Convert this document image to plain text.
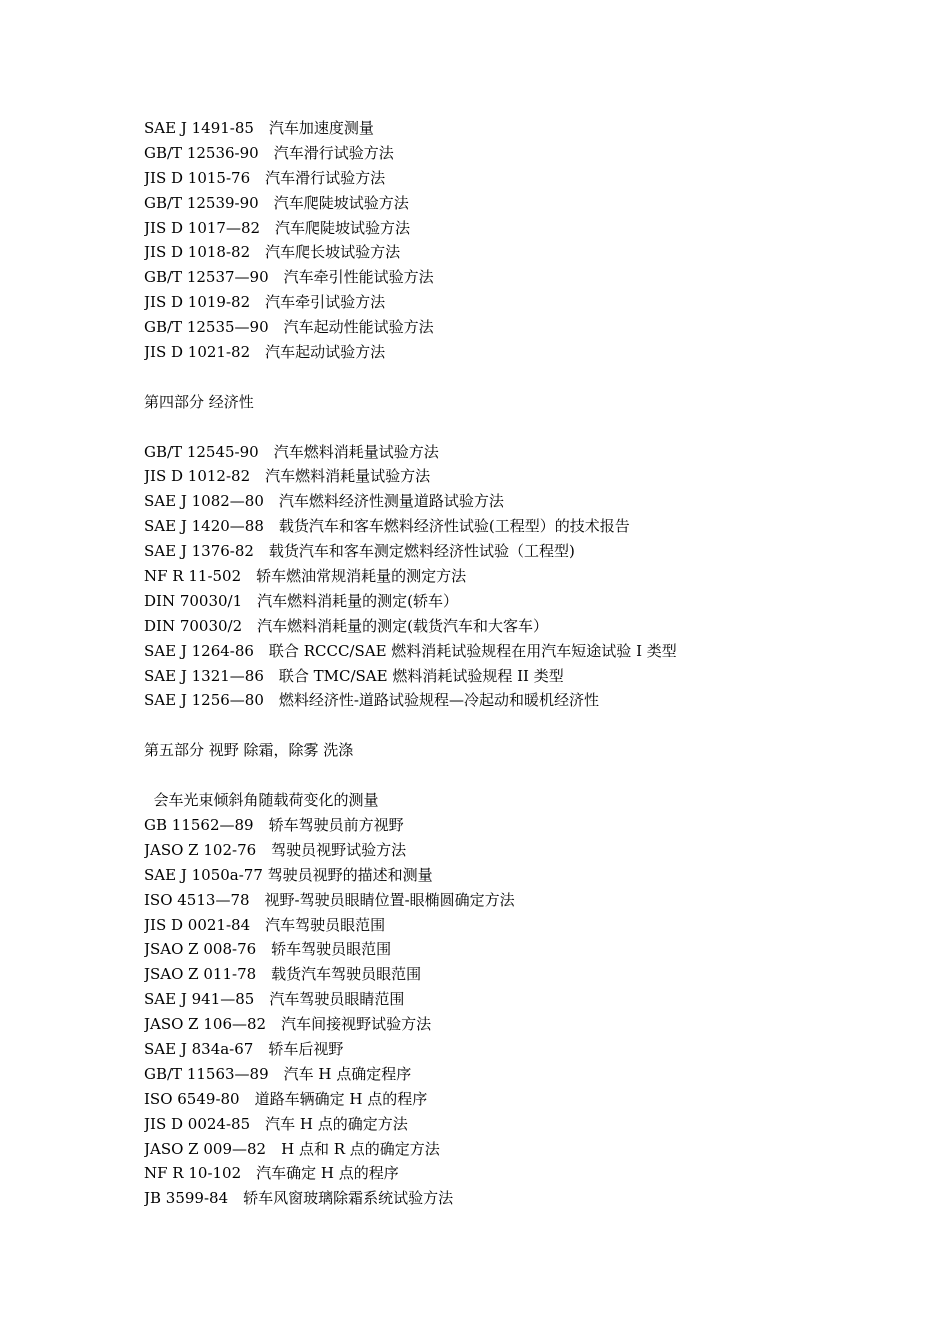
SAE J 1491-85　汽车加速度测量
GB/T 12536-90　汽车滑行试验方法
JIS D 1015-76　汽车滑行试验方法
GB/T 12539-90　汽车爬陡坡试验方法
JIS D 1017—82　汽车爬陡坡试验方法
JIS D 1018-82　汽车爬长坡试验方法
GB/T 12537—90　汽车牵引性能试验方法
JIS D 1019-82　汽车牵引试验方法
GB/T 12535—90　汽车起动性能试验方法
JIS D 1021-82　汽车起动试验方法
第四部分 经济性
GB/T 12545-90　汽车燃料消耗量试验方法
JIS D 1012-82　汽车燃料消耗量试验方法
SAE J 1082—80　汽车燃料经济性测量道路试验方法
SAE J 1420—88　载货汽车和客车燃料经济性试验(工程型）的技术报告
SAE J 1376-82　载货汽车和客车测定燃料经济性试验（工程型)
NF R 11-502　轿车燃油常规消耗量的测定方法
DIN 70030/1　汽车燃料消耗量的测定(轿车）
DIN 70030/2　汽车燃料消耗量的测定(载货汽车和大客车）
SAE J 1264-86　联合 RCCC/SAE 燃料消耗试验规程在用汽车短途试验 I 类型
SAE J 1321—86　联合 TMC/SAE 燃料消耗试验规程 II 类型
SAE J 1256—80　燃料经济性-道路试验规程—冷起动和暖机经济性
第五部分 视野 除霜，除雾 洗涤
会车光束倾斜角随载荷变化的测量
GB 11562—89　轿车驾驶员前方视野
JASO Z 102-76　驾驶员视野试验方法
SAE J 1050a-77 驾驶员视野的描述和测量
ISO 4513—78　视野-驾驶员眼睛位置-眼椭圆确定方法
JIS D 0021-84　汽车驾驶员眼范围
JSAO Z 008-76　轿车驾驶员眼范围
JSAO Z 011-78　载货汽车驾驶员眼范围
SAE J 941—85　汽车驾驶员眼睛范围
JASO Z 106—82　汽车间接视野试验方法
SAE J 834a-67　轿车后视野
GB/T 11563—89　汽车 H 点确定程序
ISO 6549-80　道路车辆确定 H 点的程序
JIS D 0024-85　汽车 H 点的确定方法
JASO Z 009—82　H 点和 R 点的确定方法
NF R 10-102　汽车确定 H 点的程序
JB 3599-84　轿车风窗玻璃除霜系统试验方法
